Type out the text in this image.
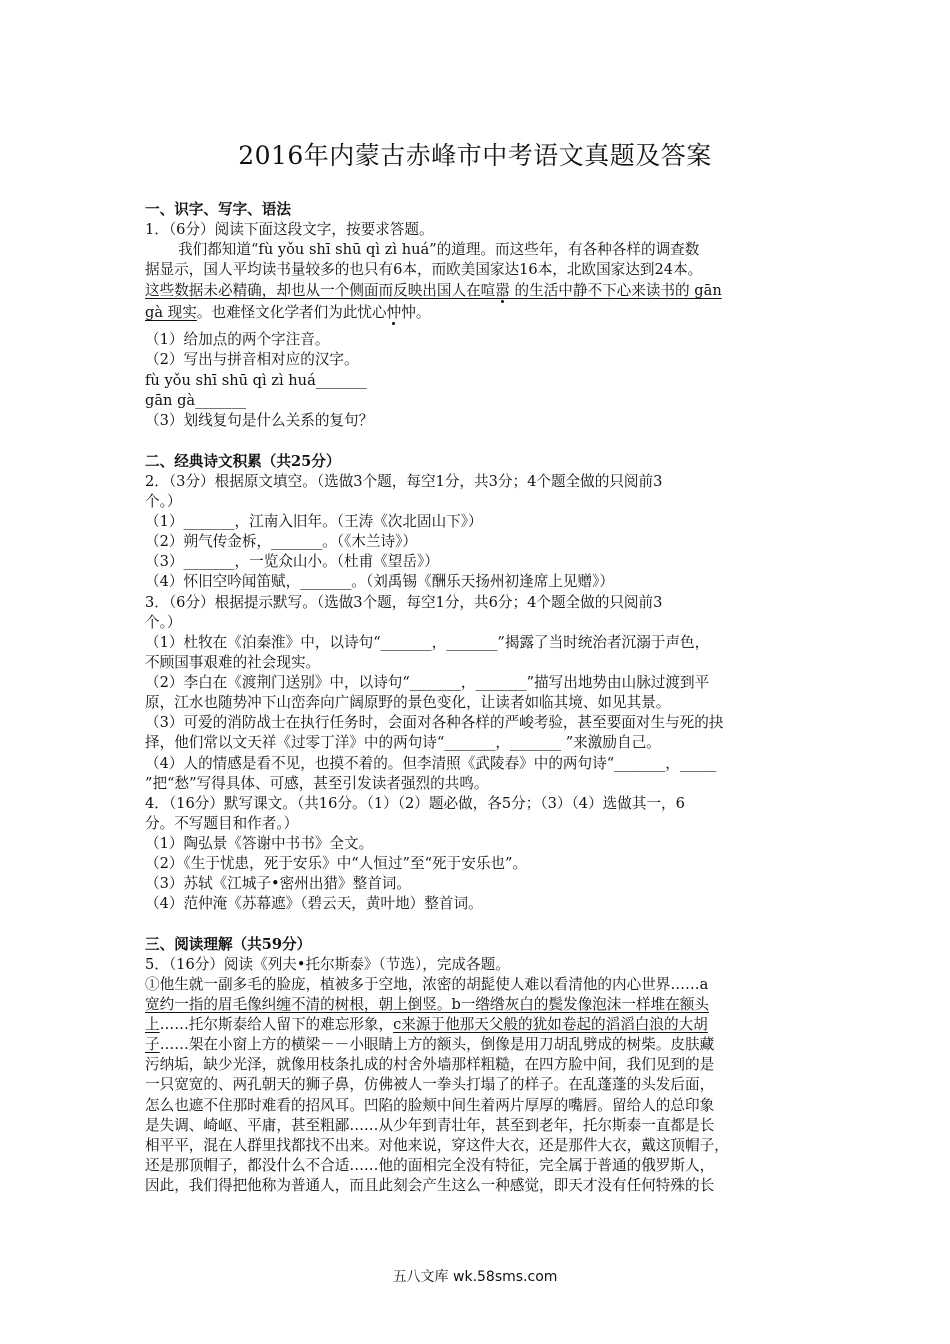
2016年内蒙古赤峰市中考语文真题及答案
一、识字、写字、语法
1．（6分）阅读下面这段文字，按要求答题。
我们都知道“fù yǒu shī shū qì zì huá”的道理。而这些年，有各种各样的调查数
据显示，国人平均读书量较多的也只有6本，而欧美国家达16本，北欧国家达到24本。
这些数据未必精确，却也从一个侧面而反映出国人在喧嚣 的生活中静不下心来读书的 gān
gà 现实。也难怪文化学者们为此忧心忡忡。
（1）给加点的两个字注音。
（2）写出与拼音相对应的汉字。
fù yǒu shī shū qì zì huá_______
gān gà_______
（3）划线复句是什么关系的复句？
二、经典诗文积累（共25分）
2．（3分）根据原文填空。（选做3个题，每空1分，共3分；4个题全做的只阅前3
个。）
（1）_______，江南入旧年。（王涛《次北固山下》）
（2）朔气传金柝，_______。（《木兰诗》）
（3）_______，一览众山小。（杜甫《望岳》）
（4）怀旧空吟闻笛赋，_______。（刘禹锡《酬乐天扬州初逢席上见赠》）
3．（6分）根据提示默写。（选做3个题，每空1分，共6分；4个题全做的只阅前3
个。）
（1）杜牧在《泊秦淮》中，以诗句“_______，_______”揭露了当时统治者沉溺于声色，
不顾国事艰难的社会现实。
（2）李白在《渡荆门送别》中，以诗句“_______，_______”描写出地势由山脉过渡到平
原，江水也随势冲下山峦奔向广阔原野的景色变化，让读者如临其境、如见其景。
（3）可爱的消防战士在执行任务时，会面对各种各样的严峻考验，甚至要面对生与死的抉
择，他们常以文天祥《过零丁洋》中的两句诗“_______，_______ ”来激励自己。
（4）人的情感是看不见，也摸不着的。但李清照《武陵春》中的两句诗“_______，_____
”把“愁”写得具体、可感，甚至引发读者强烈的共鸣。
4．（16分）默写课文。（共16分。（1）（2）题必做，各5分；（3）（4）选做其一，6
分。不写题目和作者。）
（1）陶弘景《答谢中书书》全文。
（2）《生于忧患，死于安乐》中“人恒过”至“死于安乐也”。
（3）苏轼《江城子•密州出猎》整首词。
（4）范仲淹《苏幕遮》（碧云天，黄叶地）整首词。
三、阅读理解（共59分）
5．（16分）阅读《列夫•托尔斯泰》（节选），完成各题。
①他生就一副多毛的脸庞，植被多于空地，浓密的胡髭使人难以看清他的内心世界……a
宽约一指的眉毛像纠缠不清的树根，朝上倒竖。b一绺绺灰白的鬓发像泡沫一样堆在额头
上……托尔斯泰给人留下的难忘形象，c来源于他那天父般的犹如卷起的滔滔白浪的大胡
子……架在小窗上方的横梁－－小眼睛上方的额头，倒像是用刀胡乱劈成的树柴。皮肤藏
污纳垢，缺少光泽，就像用枝条扎成的村舍外墙那样粗糙，在四方脸中间，我们见到的是
一只宽宽的、两孔朝天的狮子鼻，仿佛被人一拳头打塌了的样子。在乱蓬蓬的头发后面，
怎么也遮不住那时难看的招风耳。凹陷的脸颊中间生着两片厚厚的嘴唇。留给人的总印象
是失调、崎岖、平庸，甚至粗鄙……从少年到青壮年，甚至到老年，托尔斯泰一直都是长
相平平，混在人群里找都找不出来。对他来说，穿这件大衣，还是那件大衣，戴这顶帽子，
还是那顶帽子，都没什么不合适……他的面相完全没有特征，完全属于普通的俄罗斯人，
因此，我们得把他称为普通人，而且此刻会产生这么一种感觉，即天才没有任何特殊的长
五八文库 wk.58sms.com
